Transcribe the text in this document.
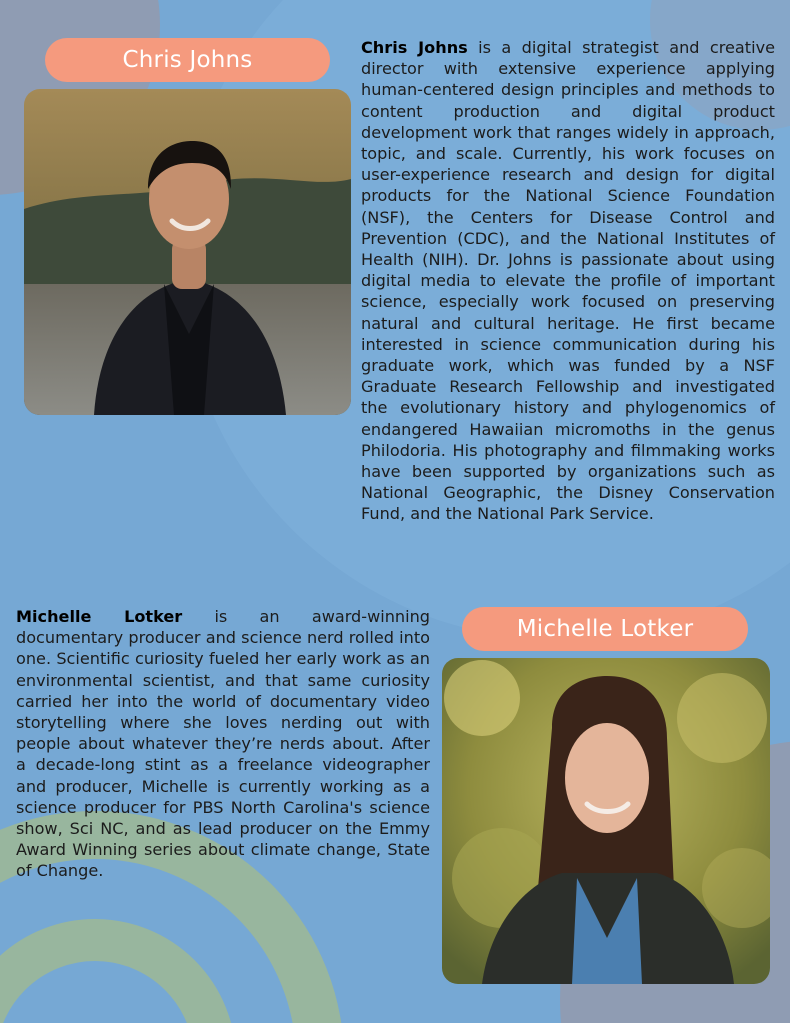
Chris Johns	Chris Johns is a digital strategist and creative director with extensive experience applying human-centered design principles and methods to content production and digital product development work that ranges widely in approach, topic, and scale. Currently, his work focuses on user-experience research and design for digital products for the National Science Foundation (NSF), the Centers for Disease Control and Prevention (CDC), and the National Institutes of Health (NIH). Dr. Johns is passionate about using digital media to elevate the profile of important science, especially work focused on preserving natural and cultural heritage. He first became interested in science communication during his graduate work, which was funded by a NSF Graduate Research Fellowship and investigated the evolutionary history and phylogenomics of endangered Hawaiian micromoths in the genus Philodoria. His photography and filmmaking works have been supported by organizations such as National Geographic, the Disney Conservation Fund, and the National Park Service.

Michelle Lotker is an award-winning documentary producer and science nerd rolled into one. Scientific curiosity fueled her early work as an environmental scientist, and that same curiosity carried her into the world of documentary video storytelling where she loves nerding out with people about whatever they’re nerds about. After a decade-long stint as a freelance videographer and producer, Michelle is currently working as a science producer for PBS North Carolina's science show, Sci NC, and as lead producer on the Emmy Award Winning series about climate change, State of Change.

Michelle Lotker
